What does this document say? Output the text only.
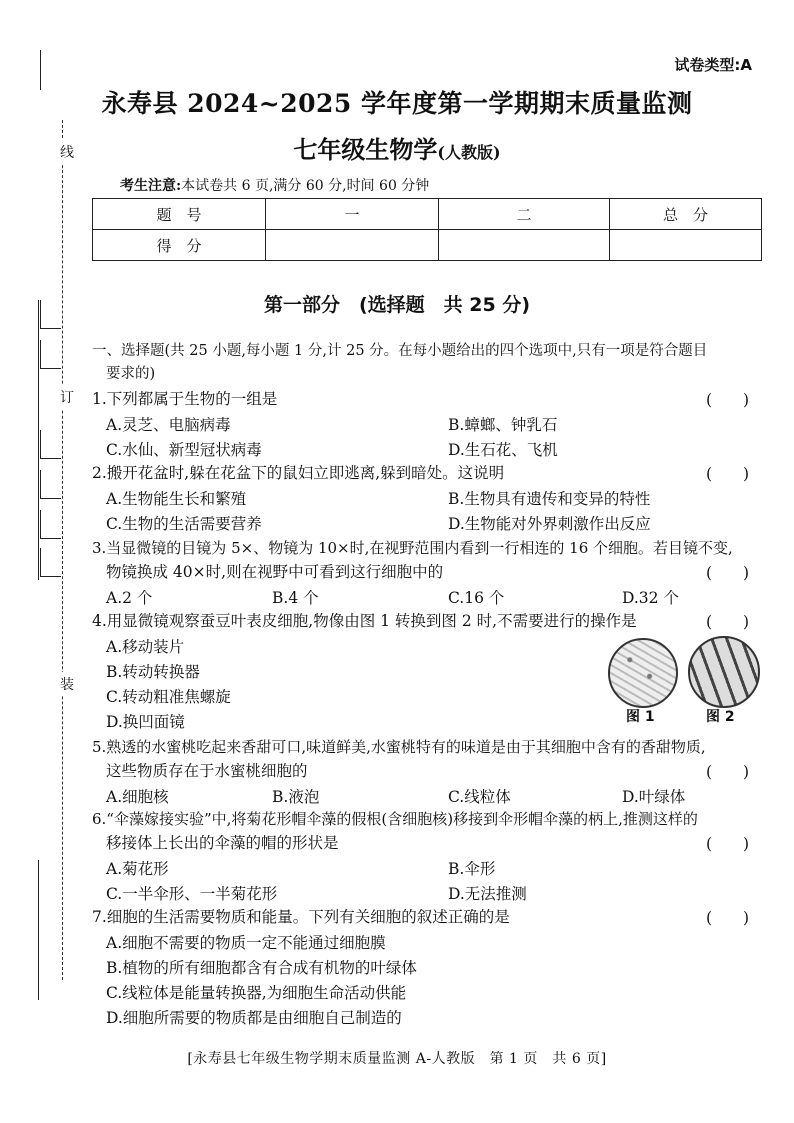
线
订
装
试卷类型:A
永寿县 2024~2025 学年度第一学期期末质量监测
七年级生物学(人教版)
考生注意:本试卷共 6 页,满分 60 分,时间 60 分钟
题　号	一	二	总　分
得　分			
第一部分　(选择题　共 25 分)
一、选择题(共 25 小题,每小题 1 分,计 25 分。在每小题给出的四个选项中,只有一项是符合题目
要求的)
1.下列都属于生物的一组是	(　　)
A.灵芝、电脑病毒	B.蟑螂、钟乳石
C.水仙、新型冠状病毒	D.生石花、飞机
2.搬开花盆时,躲在花盆下的鼠妇立即逃离,躲到暗处。这说明	(　　)
A.生物能生长和繁殖	B.生物具有遗传和变异的特性
C.生物的生活需要营养	D.生物能对外界刺激作出反应
3.当显微镜的目镜为 5×、物镜为 10×时,在视野范围内看到一行相连的 16 个细胞。若目镜不变,
物镜换成 40×时,则在视野中可看到这行细胞中的	(　　)
A.2 个	B.4 个	C.16 个	D.32 个
4.用显微镜观察蚕豆叶表皮细胞,物像由图 1 转换到图 2 时,不需要进行的操作是	(　　)
A.移动装片
B.转动转换器
C.转动粗准焦螺旋
D.换凹面镜	图 1	图 2
5.熟透的水蜜桃吃起来香甜可口,味道鲜美,水蜜桃特有的味道是由于其细胞中含有的香甜物质,
这些物质存在于水蜜桃细胞的	(　　)
A.细胞核	B.液泡	C.线粒体	D.叶绿体
6.“伞藻嫁接实验”中,将菊花形帽伞藻的假根(含细胞核)移接到伞形帽伞藻的柄上,推测这样的
移接体上长出的伞藻的帽的形状是	(　　)
A.菊花形	B.伞形
C.一半伞形、一半菊花形	D.无法推测
7.细胞的生活需要物质和能量。下列有关细胞的叙述正确的是	(　　)
A.细胞不需要的物质一定不能通过细胞膜
B.植物的所有细胞都含有合成有机物的叶绿体
C.线粒体是能量转换器,为细胞生命活动供能
D.细胞所需要的物质都是由细胞自己制造的
[永寿县七年级生物学期末质量监测 A-人教版　第 1 页　共 6 页]
